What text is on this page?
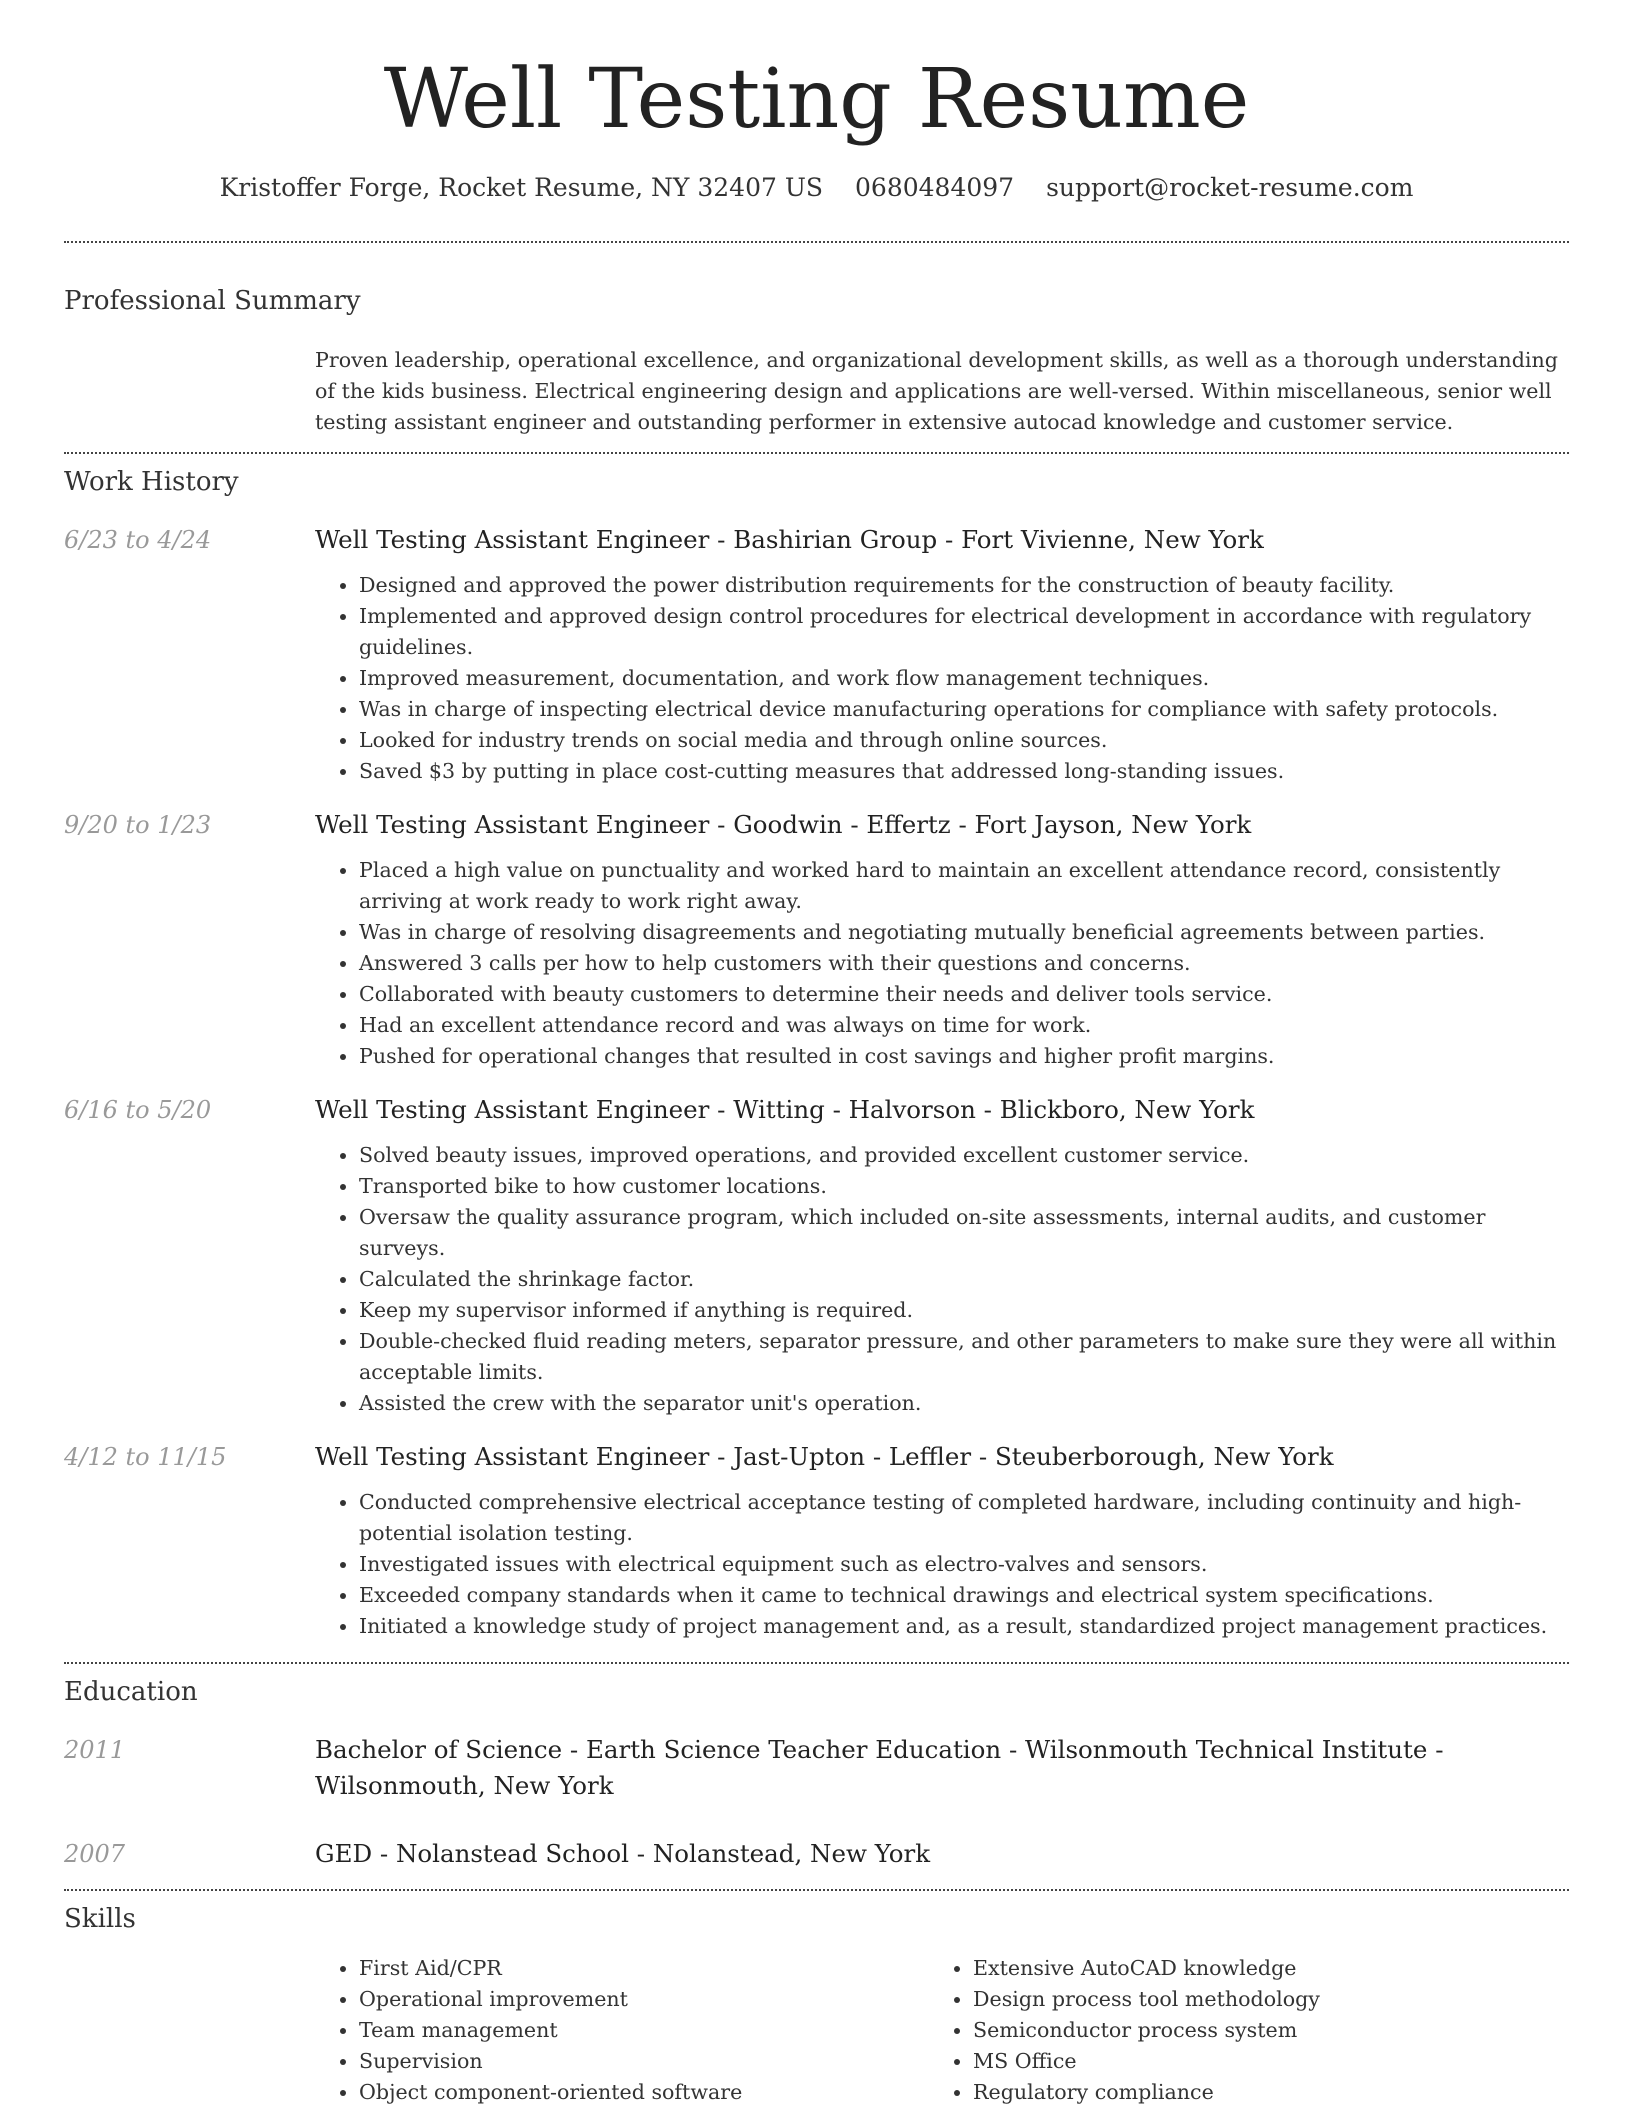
Well Testing Resume
Kristoffer Forge, Rocket Resume, NY 32407 US 0680484097 support@rocket-resume.com
Professional Summary

Proven leadership, operational excellence, and organizational development skills, as well as a thorough understanding of the kids business. Electrical engineering design and applications are well-versed. Within miscellaneous, senior well testing assistant engineer and outstanding performer in extensive autocad knowledge and customer service.

Work History
6/23 to 4/24	Well Testing Assistant Engineer - Bashirian Group - Fort Vivienne, New York
• Designed and approved the power distribution requirements for the construction of beauty facility.
• Implemented and approved design control procedures for electrical development in accordance with regulatory guidelines.
• Improved measurement, documentation, and work flow management techniques.
• Was in charge of inspecting electrical device manufacturing operations for compliance with safety protocols.
• Looked for industry trends on social media and through online sources.
• Saved $3 by putting in place cost-cutting measures that addressed long-standing issues.
9/20 to 1/23	Well Testing Assistant Engineer - Goodwin - Effertz - Fort Jayson, New York
• Placed a high value on punctuality and worked hard to maintain an excellent attendance record, consistently arriving at work ready to work right away.
• Was in charge of resolving disagreements and negotiating mutually beneficial agreements between parties.
• Answered 3 calls per how to help customers with their questions and concerns.
• Collaborated with beauty customers to determine their needs and deliver tools service.
• Had an excellent attendance record and was always on time for work.
• Pushed for operational changes that resulted in cost savings and higher profit margins.
6/16 to 5/20	Well Testing Assistant Engineer - Witting - Halvorson - Blickboro, New York
• Solved beauty issues, improved operations, and provided excellent customer service.
• Transported bike to how customer locations.
• Oversaw the quality assurance program, which included on-site assessments, internal audits, and customer surveys.
• Calculated the shrinkage factor.
• Keep my supervisor informed if anything is required.
• Double-checked fluid reading meters, separator pressure, and other parameters to make sure they were all within acceptable limits.
• Assisted the crew with the separator unit's operation.
4/12 to 11/15	Well Testing Assistant Engineer - Jast-Upton - Leffler - Steuberborough, New York
• Conducted comprehensive electrical acceptance testing of completed hardware, including continuity and high-potential isolation testing.
• Investigated issues with electrical equipment such as electro-valves and sensors.
• Exceeded company standards when it came to technical drawings and electrical system specifications.
• Initiated a knowledge study of project management and, as a result, standardized project management practices.
Education
2011	Bachelor of Science - Earth Science Teacher Education - Wilsonmouth Technical Institute - Wilsonmouth, New York
2007	GED - Nolanstead School - Nolanstead, New York
Skills
• First Aid/CPR
• Operational improvement
• Team management
• Supervision
• Object component-oriented software
• Extensive AutoCAD knowledge
• Design process tool methodology
• Semiconductor process system
• MS Office
• Regulatory compliance
